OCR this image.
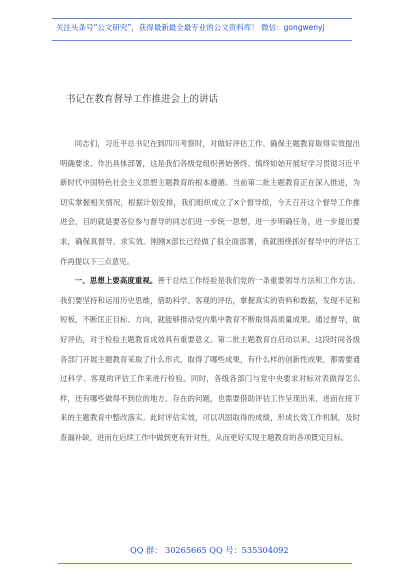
关注头条号“公文研究”，获得最新最全最专业的公文资料库！ 微信：gongwenyj
书记在教育督导工作推进会上的讲话

同志们，习近平总书记在到四川考察时，对做好评估工作、确保主题教育取得实效提出明确要求、作出具体部署，这是我们各级党组织善始善终、慎终如始开展好学习贯彻习近平新时代中国特色社会主义思想主题教育的根本遵循。当前第二批主题教育正在深入推进，为切实掌握相关情况，根据计划安排，我们组织成立了X个督导组，今天召开这个督导工作推进会，目的就是要各位参与督导的同志们进一步统一思想，进一步明确任务，进一步提出要求，确保真督导，求实效。刚刚X部长已经做了很全面部署，我就围绕抓好督导中的评估工作再提以下三点意见。

一、思想上要高度重视。善于总结工作经验是我们党的一条重要领导方法和工作方法。我们要坚持和运用历史思维，借助科学、客观的评估，掌握真实的资料和数据，发现不足和短板，不断匡正目标、方向，就能够推动党内集中教育不断取得高质量成果。通过督导，做好评估，对于检验主题教育成效具有重要意义。第二批主题教育自启动以来，这段时间各级各部门开展主题教育采取了什么形式，取得了哪些成果，有什么样的创新性成果，都需要通过科学、客观的评估工作来进行检验。同时，各级各部门与党中央要求对标对表做得怎么样，还有哪些做得不到位的地方、存在的问题，也需要借助评估工作呈现出来，进而在接下来的主题教育中整改落实。此时评估实效，可以巩固取得的成绩，形成长效工作机制，及时查漏补缺，进而在后续工作中做到更有针对性，从而更好实现主题教育的各项既定目标。

QQ 群： 30265665 QQ 号：535304092
